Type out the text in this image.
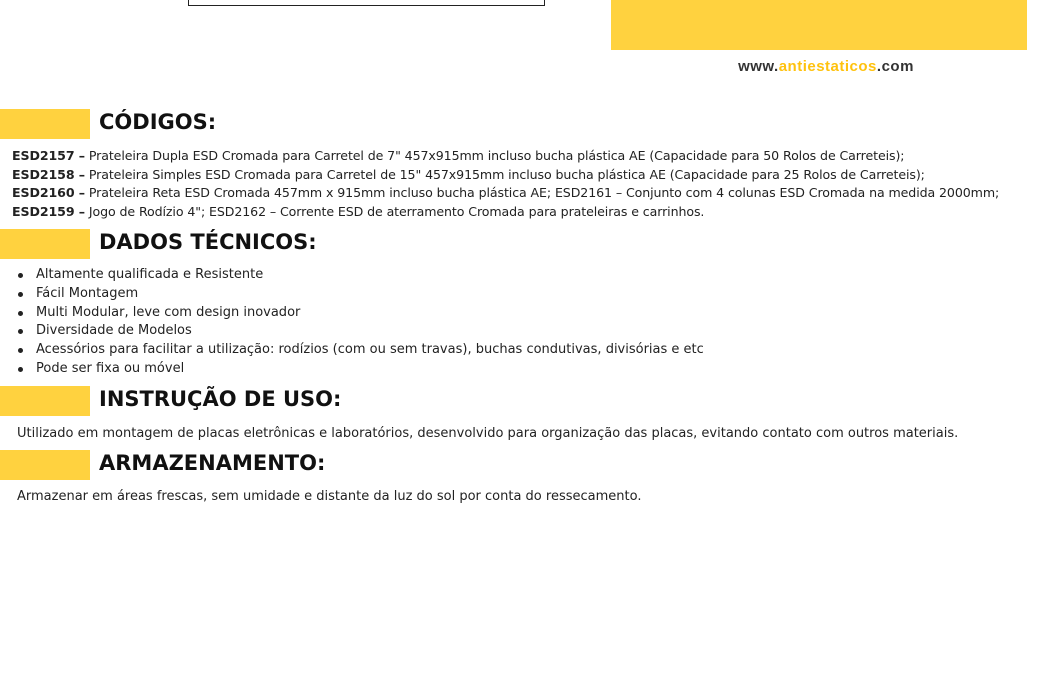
www.antiestaticos.com
CÓDIGOS:
ESD2157 – Prateleira Dupla ESD Cromada para Carretel de 7" 457x915mm incluso bucha plástica AE (Capacidade para 50 Rolos de Carreteis);
ESD2158 – Prateleira Simples ESD Cromada para Carretel de 15" 457x915mm incluso bucha plástica AE (Capacidade para 25 Rolos de Carreteis);
ESD2160 – Prateleira Reta ESD Cromada 457mm x 915mm incluso bucha plástica AE; ESD2161 – Conjunto com 4 colunas ESD Cromada na medida 2000mm;
ESD2159 – Jogo de Rodízio 4"; ESD2162 – Corrente ESD de aterramento Cromada para prateleiras e carrinhos.
DADOS TÉCNICOS:
Altamente qualificada e Resistente
Fácil Montagem
Multi Modular, leve com design inovador
Diversidade de Modelos
Acessórios para facilitar a utilização: rodízios (com ou sem travas), buchas condutivas, divisórias e etc
Pode ser fixa ou móvel
INSTRUÇÃO DE USO:
Utilizado em montagem de placas eletrônicas e laboratórios, desenvolvido para organização das placas, evitando contato com outros materiais.
ARMAZENAMENTO:
Armazenar em áreas frescas, sem umidade e distante da luz do sol por conta do ressecamento.
